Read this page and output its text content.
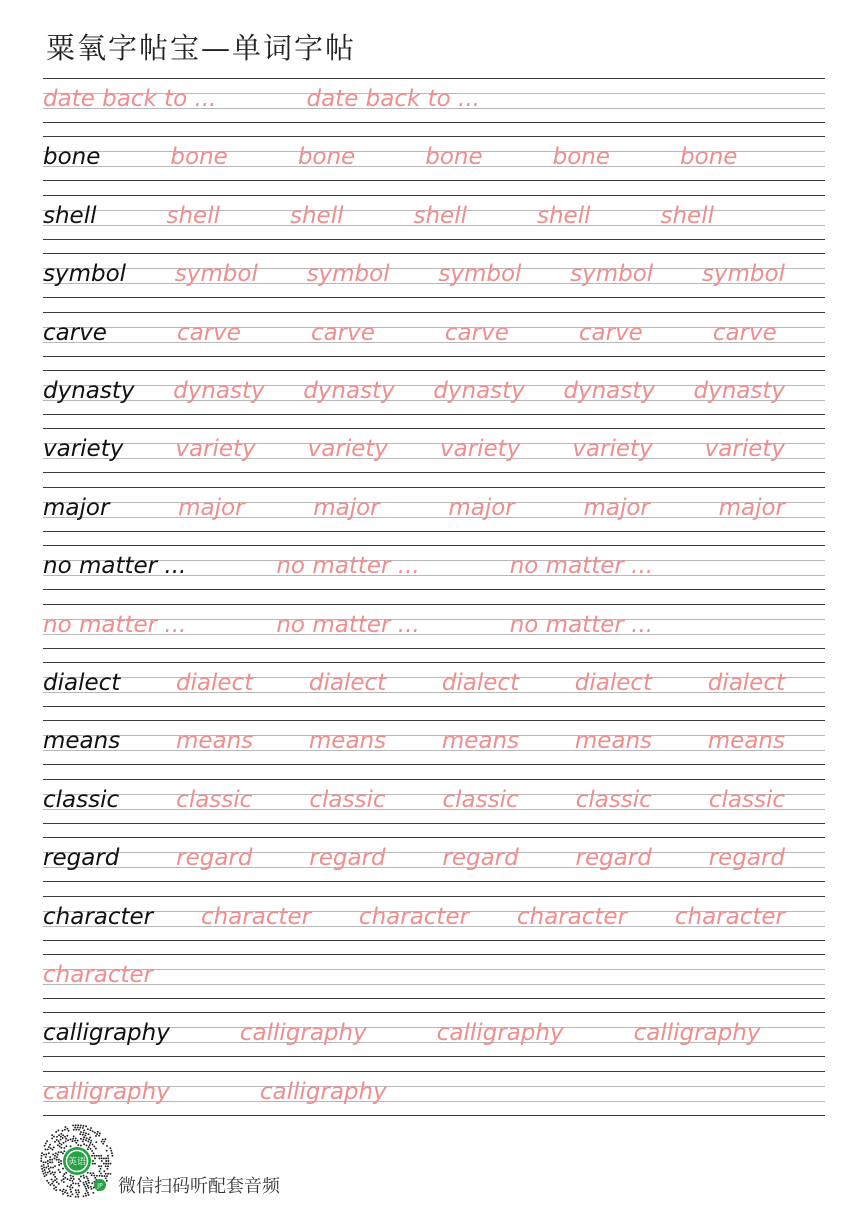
粟氧字帖宝—单词字帖
date back to ...	date back to ...
bone	bone	bone	bone	bone	bone
shell	shell	shell	shell	shell	shell
symbol symbol symbol symbol symbol symbol
carve	carve	carve	carve	carve	carve
dynasty dynasty dynasty dynasty dynasty dynasty
variety variety variety variety variety variety
major	major	major	major	major	major
no matter ...	no matter ...	no matter ...
no matter ...	no matter ...	no matter ...
dialect dialect dialect dialect dialect dialect
means means means means means means
classic classic classic classic classic classic
regard regard regard regard regard regard
character character character character character
character
calligraphy	calligraphy	calligraphy	calligraphy
calligraphy	calligraphy
英语
JP 微信扫码听配套音频
